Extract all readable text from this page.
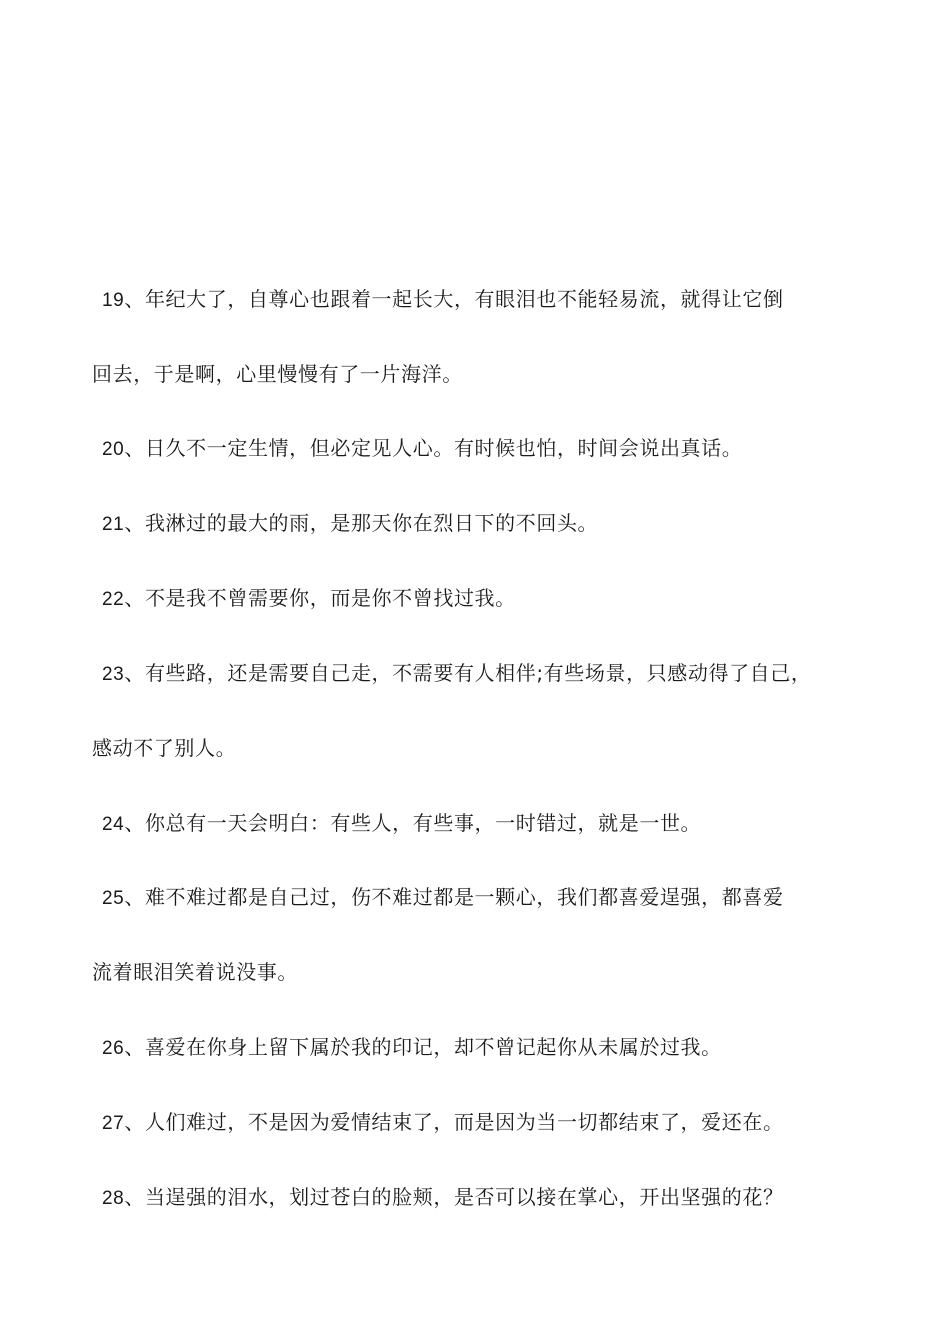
19、年纪大了，自尊心也跟着一起长大，有眼泪也不能轻易流，就得让它倒
回去，于是啊，心里慢慢有了一片海洋。
20、日久不一定生情，但必定见人心。有时候也怕，时间会说出真话。
21、我淋过的最大的雨，是那天你在烈日下的不回头。
22、不是我不曾需要你，而是你不曾找过我。
23、有些路，还是需要自己走，不需要有人相伴;有些场景，只感动得了自己，
感动不了别人。
24、你总有一天会明白：有些人，有些事，一时错过，就是一世。
25、难不难过都是自己过，伤不难过都是一颗心，我们都喜爱逞强，都喜爱
流着眼泪笑着说没事。
26、喜爱在你身上留下属於我的印记，却不曾记起你从未属於过我。
27、人们难过，不是因为爱情结束了，而是因为当一切都结束了，爱还在。
28、当逞强的泪水，划过苍白的脸颊，是否可以接在掌心，开出坚强的花？
